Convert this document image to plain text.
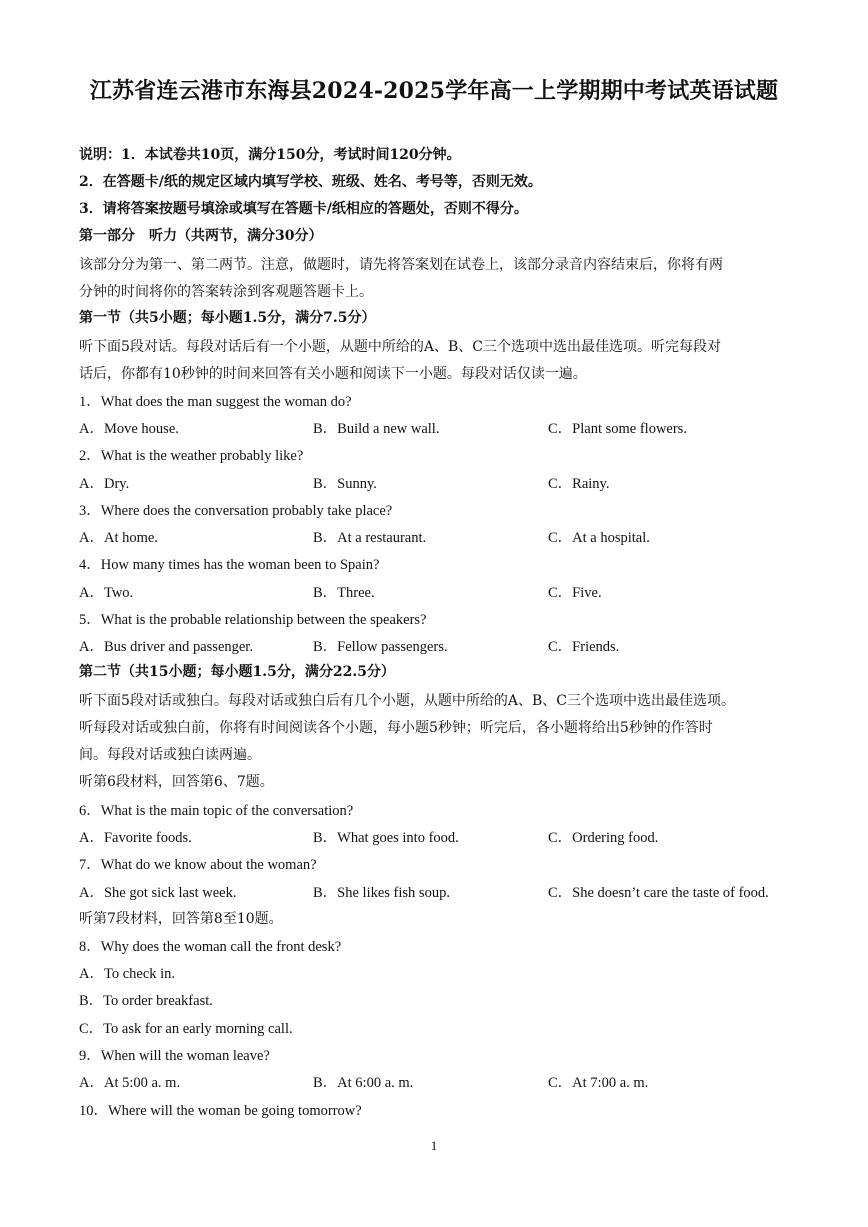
江苏省连云港市东海县2024-2025学年高一上学期期中考试英语试题
说明：1．本试卷共10页，满分150分，考试时间120分钟。
2．在答题卡/纸的规定区域内填写学校、班级、姓名、考号等，否则无效。
3．请将答案按题号填涂或填写在答题卡/纸相应的答题处，否则不得分。
第一部分　听力（共两节，满分30分）
该部分分为第一、第二两节。注意，做题时，请先将答案划在试卷上，该部分录音内容结束后，你将有两
分钟的时间将你的答案转涂到客观题答题卡上。
第一节（共5小题；每小题1.5分，满分7.5分）
听下面5段对话。每段对话后有一个小题，从题中所给的A、B、C三个选项中选出最佳选项。听完每段对
话后，你都有10秒钟的时间来回答有关小题和阅读下一小题。每段对话仅读一遍。
1．What does the man suggest the woman do?
A．Move house.	B．Build a new wall.	C．Plant some flowers.
2．What is the weather probably like?
A．Dry.	B．Sunny.	C．Rainy.
3．Where does the conversation probably take place?
A．At home.	B．At a restaurant.	C．At a hospital.
4．How many times has the woman been to Spain?
A．Two.	B．Three.	C．Five.
5．What is the probable relationship between the speakers?
A．Bus driver and passenger.	B．Fellow passengers.	C．Friends.
第二节（共15小题；每小题1.5分，满分22.5分）
听下面5段对话或独白。每段对话或独白后有几个小题，从题中所给的A、B、C三个选项中选出最佳选项。
听每段对话或独白前，你将有时间阅读各个小题，每小题5秒钟；听完后，各小题将给出5秒钟的作答时
间。每段对话或独白读两遍。
听第6段材料，回答第6、7题。
6．What is the main topic of the conversation?
A．Favorite foods.	B．What goes into food.	C．Ordering food.
7．What do we know about the woman?
A．She got sick last week.	B．She likes fish soup.	C．She doesn’t care the taste of food.
听第7段材料，回答第8至10题。
8．Why does the woman call the front desk?
A．To check in.
B．To order breakfast.
C．To ask for an early morning call.
9．When will the woman leave?
A．At 5:00 a. m.	B．At 6:00 a. m.	C．At 7:00 a. m.
10．Where will the woman be going tomorrow?
1
